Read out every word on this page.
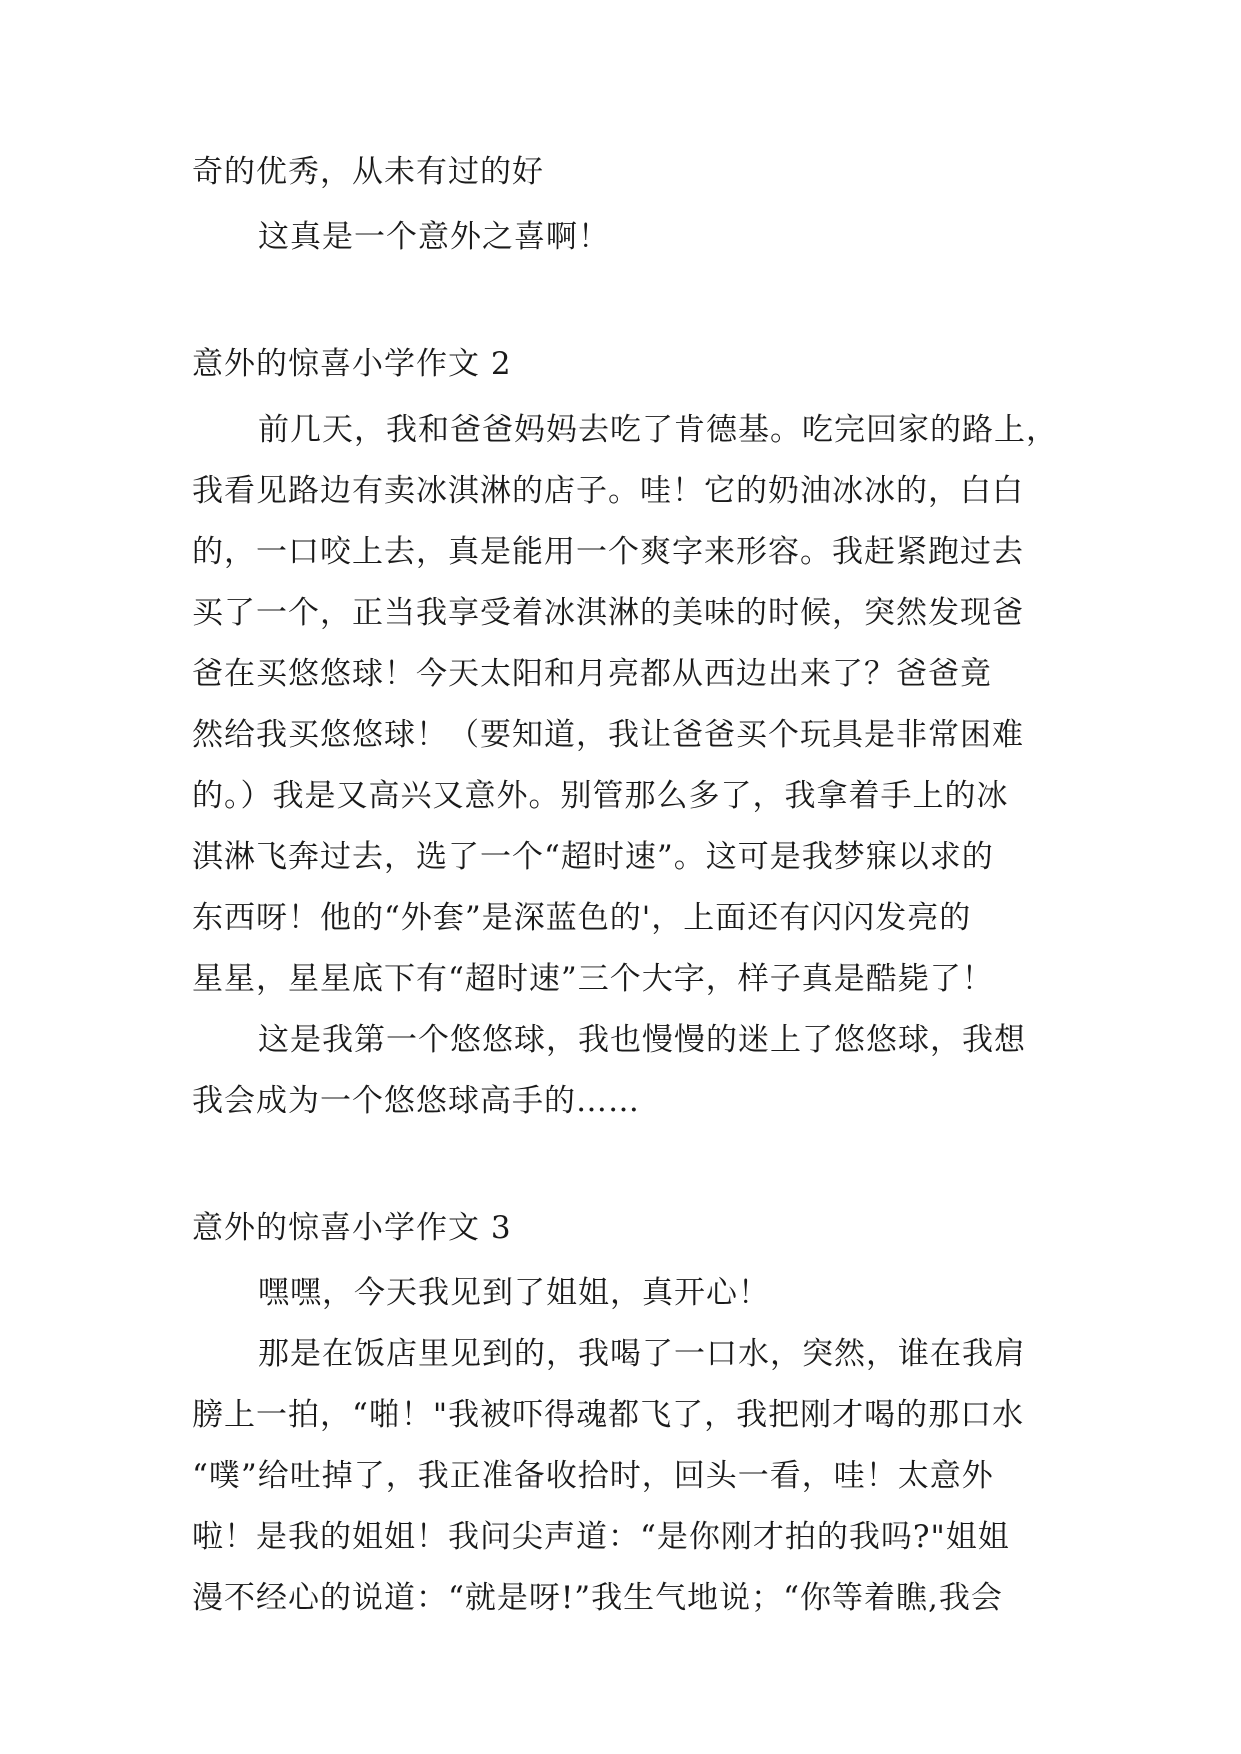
奇的优秀，从未有过的好
这真是一个意外之喜啊！
意外的惊喜小学作文 2
前几天，我和爸爸妈妈去吃了肯德基。吃完回家的路上，
我看见路边有卖冰淇淋的店子。哇！它的奶油冰冰的，白白
的，一口咬上去，真是能用一个爽字来形容。我赶紧跑过去
买了一个，正当我享受着冰淇淋的美味的时候，突然发现爸
爸在买悠悠球！今天太阳和月亮都从西边出来了？爸爸竟
然给我买悠悠球！（要知道，我让爸爸买个玩具是非常困难
的。）我是又高兴又意外。别管那么多了，我拿着手上的冰
淇淋飞奔过去，选了一个“超时速”。这可是我梦寐以求的
东西呀！他的“外套”是深蓝色的'，上面还有闪闪发亮的
星星，星星底下有“超时速”三个大字，样子真是酷毙了！
这是我第一个悠悠球，我也慢慢的迷上了悠悠球，我想
我会成为一个悠悠球高手的……
意外的惊喜小学作文 3
嘿嘿，今天我见到了姐姐，真开心！
那是在饭店里见到的，我喝了一口水，突然，谁在我肩
膀上一拍，“啪！"我被吓得魂都飞了，我把刚才喝的那口水
“噗”给吐掉了，我正准备收拾时，回头一看，哇！太意外
啦！是我的姐姐！我问尖声道：“是你刚才拍的我吗?"姐姐
漫不经心的说道：“就是呀!”我生气地说；“你等着瞧,我会
